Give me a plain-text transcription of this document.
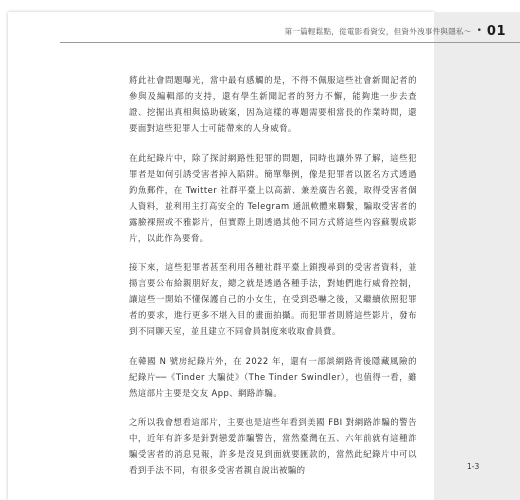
第一篇輕鬆點，從電影看資安，但資外洩事件與隱私～ • 01

將此社會問題曝光，當中最有感觸的是，不得不佩服這些社會新聞記者的參與及編輯部的支持，還有學生新聞記者的努力不懈，能夠進一步去查證、挖掘出真相與協助破案，因為這樣的專題需要相當長的作業時間，還要面對這些犯罪人士可能帶來的人身威脅。

在此紀錄片中，除了探討網路性犯罪的問題，同時也讓外界了解，這些犯罪者是如何引誘受害者掉入陷阱。簡單舉例，像是犯罪者以匿名方式透過釣魚郵件，在 Twitter 社群平臺上以高薪、兼差廣告名義，取得受害者個人資料，並利用主打高安全的 Telegram 通訊軟體來聯繫，騙取受害者的露臉裸照或不雅影片，但實際上則透過其他不同方式將這些內容蘇製成影片，以此作為要脅。

接下來，這些犯罪者甚至利用各種社群平臺上鎖搜尋到的受害者資料，並揚言要公布給親朋好友，總之就是透過各種手法，對她們進行威脅控制，讓這些一開始不懂保護自己的小女生，在受到恐嚇之後，又繼續依照犯罪者的要求，進行更多不堪入目的畫面拍攝。而犯罪者則將這些影片，發布到不同聊天室，並且建立不同會員制度來收取會員費。

在韓國 N 號房紀錄片外，在 2022 年，還有一部談網路背後隱藏風險的紀錄片──《Tinder 大騙徒》（The Tinder Swindler），也值得一看，雖然這部片主要是交友 App、網路詐騙。

之所以我會想看這部片，主要也是這些年看到美國 FBI 對網路詐騙的警告中，近年有許多是針對戀愛詐騙警告，當然臺灣在五、六年前就有這種詐騙受害者的消息見報，許多是沒見到面就要匯款的，當然此紀錄片中可以看到手法不同，有很多受害者親自說出被騙的	1-3
